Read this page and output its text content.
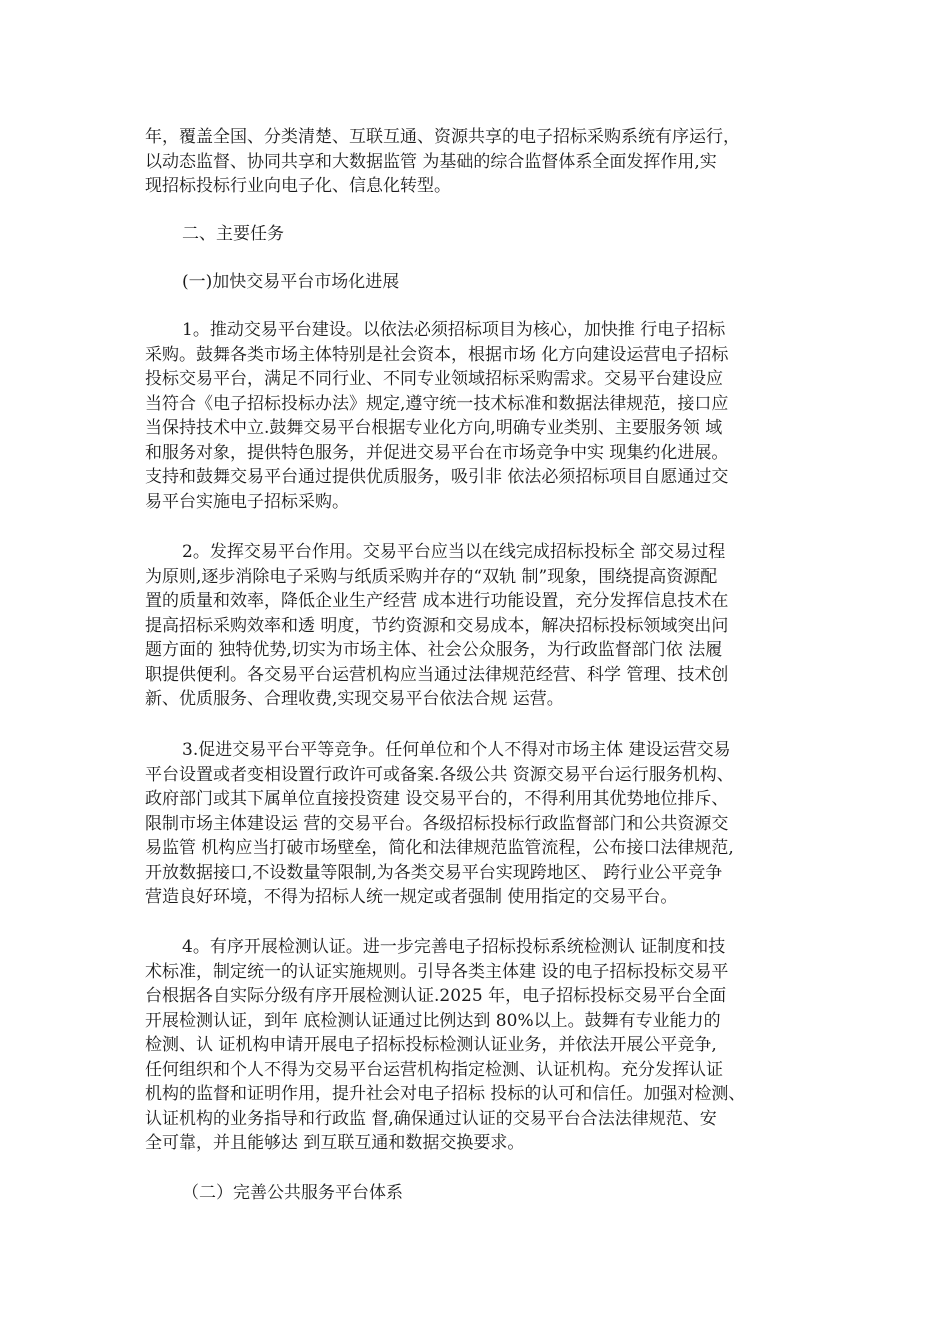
年，覆盖全国、分类清楚、互联互通、资源共享的电子招标采购系统有序运行，
以动态监督、协同共享和大数据监管 为基础的综合监督体系全面发挥作用,实
现招标投标行业向电子化、信息化转型。
二、主要任务
(一)加快交易平台市场化进展
1。推动交易平台建设。以依法必须招标项目为核心，加快推 行电子招标
采购。鼓舞各类市场主体特别是社会资本，根据市场 化方向建设运营电子招标
投标交易平台，满足不同行业、不同专业领域招标采购需求。交易平台建设应
当符合《电子招标投标办法》规定,遵守统一技术标准和数据法律规范，接口应
当保持技术中立.鼓舞交易平台根据专业化方向,明确专业类别、主要服务领 域
和服务对象，提供特色服务，并促进交易平台在市场竞争中实 现集约化进展。
支持和鼓舞交易平台通过提供优质服务，吸引非 依法必须招标项目自愿通过交
易平台实施电子招标采购。
2。发挥交易平台作用。交易平台应当以在线完成招标投标全 部交易过程
为原则,逐步消除电子采购与纸质采购并存的“双轨 制”现象，围绕提高资源配
置的质量和效率，降低企业生产经营 成本进行功能设置，充分发挥信息技术在
提高招标采购效率和透 明度，节约资源和交易成本，解决招标投标领域突出问
题方面的 独特优势,切实为市场主体、社会公众服务，为行政监督部门依 法履
职提供便利。各交易平台运营机构应当通过法律规范经营、科学 管理、技术创
新、优质服务、合理收费,实现交易平台依法合规 运营。
3.促进交易平台平等竞争。任何单位和个人不得对市场主体 建设运营交易
平台设置或者变相设置行政许可或备案.各级公共 资源交易平台运行服务机构、
政府部门或其下属单位直接投资建 设交易平台的，不得利用其优势地位排斥、
限制市场主体建设运 营的交易平台。各级招标投标行政监督部门和公共资源交
易监管 机构应当打破市场壁垒，简化和法律规范监管流程，公布接口法律规范,
开放数据接口,不设数量等限制,为各类交易平台实现跨地区、 跨行业公平竞争
营造良好环境，不得为招标人统一规定或者强制 使用指定的交易平台。
4。有序开展检测认证。进一步完善电子招标投标系统检测认 证制度和技
术标准，制定统一的认证实施规则。引导各类主体建 设的电子招标投标交易平
台根据各自实际分级有序开展检测认证.2025 年，电子招标投标交易平台全面
开展检测认证，到年 底检测认证通过比例达到 80%以上。鼓舞有专业能力的
检测、认 证机构申请开展电子招标投标检测认证业务，并依法开展公平竞争,
任何组织和个人不得为交易平台运营机构指定检测、认证机构。充分发挥认证
机构的监督和证明作用，提升社会对电子招标 投标的认可和信任。加强对检测、
认证机构的业务指导和行政监 督,确保通过认证的交易平台合法法律规范、安
全可靠，并且能够达 到互联互通和数据交换要求。
（二）完善公共服务平台体系
